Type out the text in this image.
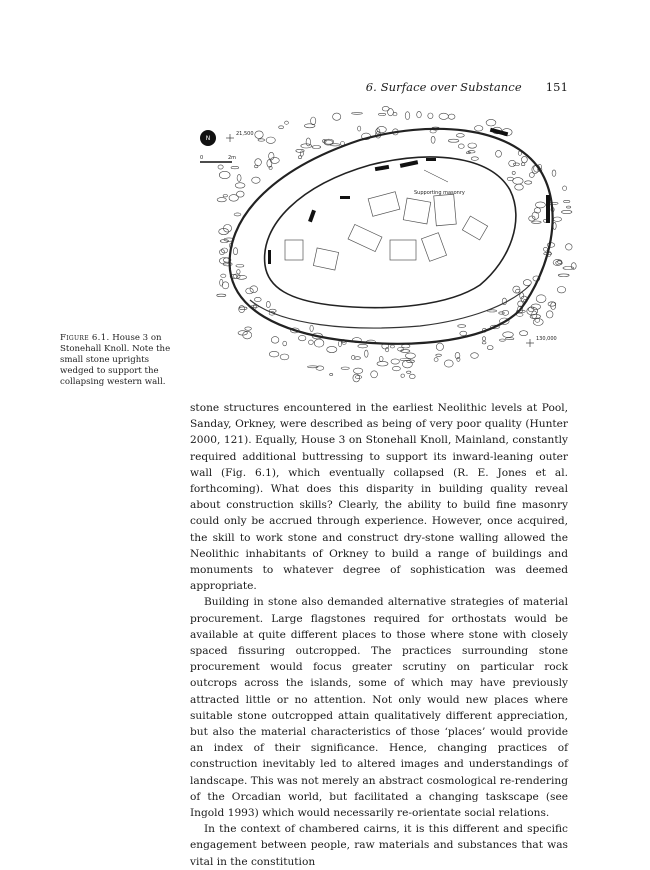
6. Surface over Substance 151
N
21,500
0	2m
130,000
Supporting masonry
Figure 6.1. House 3 on Stonehall Knoll. Note the small stone uprights wedged to support the collapsing western wall.

stone structures encountered in the earliest Neolithic levels at Pool, Sanday, Orkney, were described as being of very poor quality (Hunter 2000, 121). Equally, House 3 on Stonehall Knoll, Mainland, constantly required additional buttressing to support its inward-leaning outer wall (Fig. 6.1), which eventually collapsed (R. E. Jones et al. forthcoming). What does this disparity in building quality reveal about construction skills? Clearly, the ability to build fine masonry could only be accrued through experience. However, once acquired, the skill to work stone and construct dry-stone walling allowed the Neolithic inhabitants of Orkney to build a range of buildings and monuments to whatever degree of sophistication was deemed appropriate.

Building in stone also demanded alternative strategies of material procurement. Large flagstones required for orthostats would be available at quite different places to those where stone with closely spaced fissuring outcropped. The practices surrounding stone procurement would focus greater scrutiny on particular rock outcrops across the islands, some of which may have previously attracted little or no attention. Not only would new places where suitable stone outcropped attain qualitatively different appreciation, but also the material characteristics of those ‘places’ would provide an index of their significance. Hence, changing practices of construction inevitably led to altered images and understandings of landscape. This was not merely an abstract cosmological re-rendering of the Orcadian world, but facilitated a changing taskscape (see Ingold 1993) which would necessarily re-orientate social relations.

In the context of chambered cairns, it is this different and specific engagement between people, raw materials and substances that was vital in the constitution
